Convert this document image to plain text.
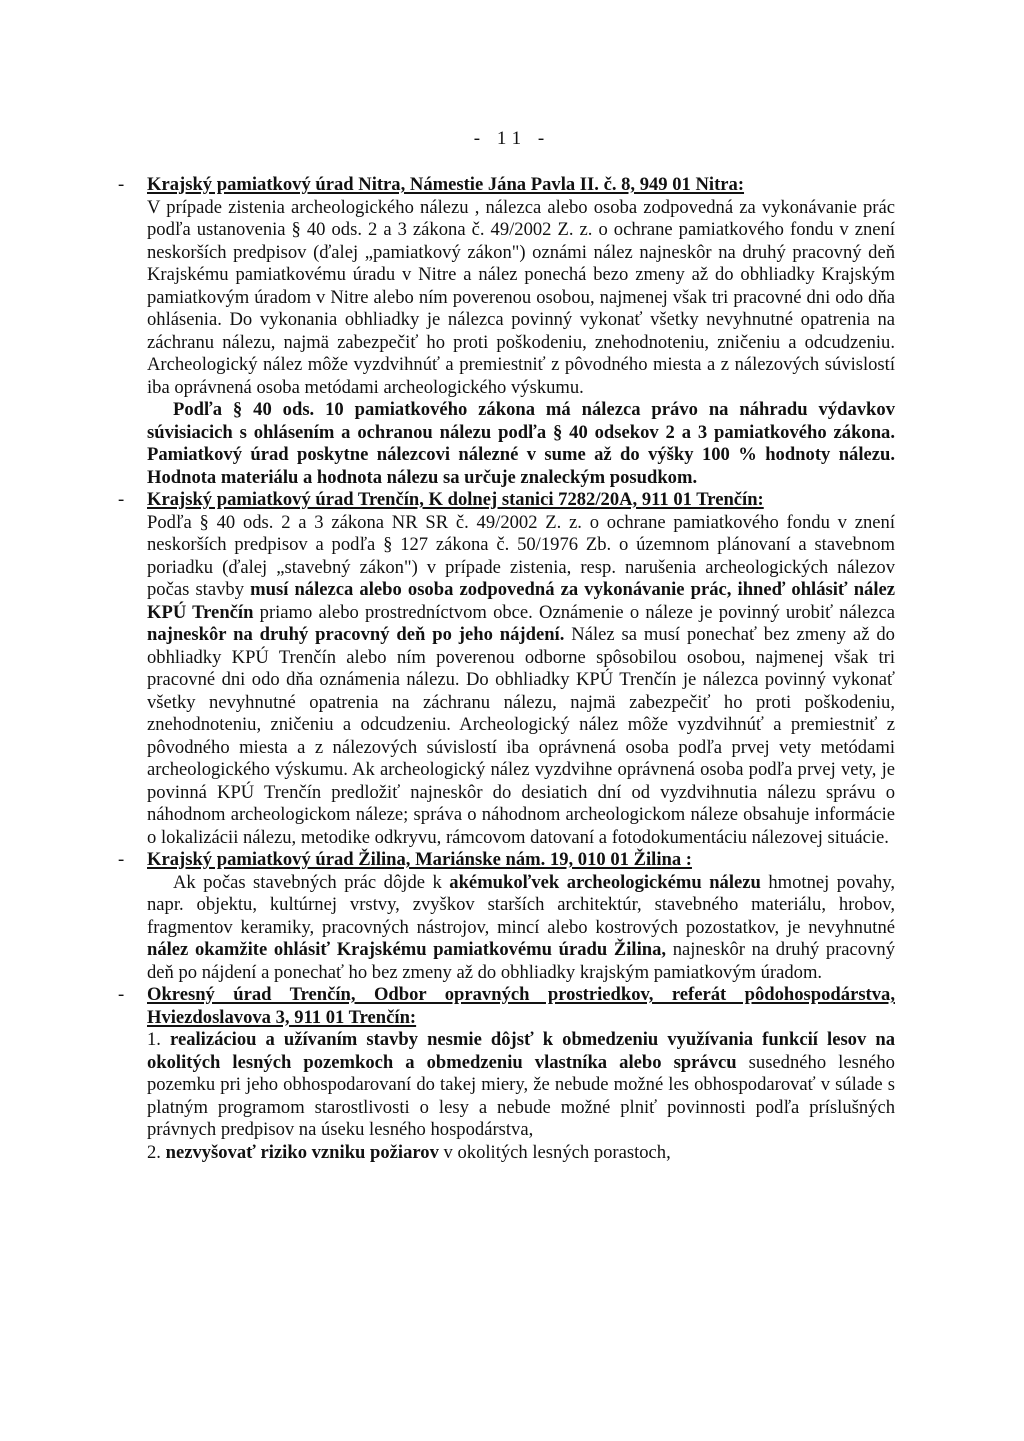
- 11 -
- Krajský pamiatkový úrad Nitra, Námestie Jána Pavla II. č. 8, 949 01 Nitra:

V prípade zistenia archeologického nálezu , nálezca alebo osoba zodpovedná za vykonávanie prác podľa ustanovenia § 40 ods. 2 a 3 zákona č. 49/2002 Z. z. o ochrane pamiatkového fondu v znení neskorších predpisov (ďalej „pamiatkový zákon") oznámi nález najneskôr na druhý pracovný deň Krajskému pamiatkovému úradu v Nitre a nález ponechá bezo zmeny až do obhliadky Krajským pamiatkovým úradom v Nitre alebo ním poverenou osobou, najmenej však tri pracovné dni odo dňa ohlásenia. Do vykonania obhliadky je nálezca povinný vykonať všetky nevyhnutné opatrenia na záchranu nálezu, najmä zabezpečiť ho proti poškodeniu, znehodnoteniu, zničeniu a odcudzeniu. Archeologický nález môže vyzdvihnúť a premiestniť z pôvodného miesta a z nálezových súvislostí iba oprávnená osoba metódami archeologického výskumu.

Podľa § 40 ods. 10 pamiatkového zákona má nálezca právo na náhradu výdavkov súvisiacich s ohlásením a ochranou nálezu podľa § 40 odsekov 2 a 3 pamiatkového zákona. Pamiatkový úrad poskytne nálezcovi nálezné v sume až do výšky 100 % hodnoty nálezu. Hodnota materiálu a hodnota nálezu sa určuje znaleckým posudkom.

- Krajský pamiatkový úrad Trenčín, K dolnej stanici 7282/20A, 911 01 Trenčín:

Podľa § 40 ods. 2 a 3 zákona NR SR č. 49/2002 Z. z. o ochrane pamiatkového fondu v znení neskorších predpisov a podľa § 127 zákona č. 50/1976 Zb. o územnom plánovaní a stavebnom poriadku (ďalej „stavebný zákon") v prípade zistenia, resp. narušenia archeologických nálezov počas stavby musí nálezca alebo osoba zodpovedná za vykonávanie prác, ihneď ohlásiť nález KPÚ Trenčín priamo alebo prostredníctvom obce. Oznámenie o náleze je povinný urobiť nálezca najneskôr na druhý pracovný deň po jeho nájdení. Nález sa musí ponechať bez zmeny až do obhliadky KPÚ Trenčín alebo ním poverenou odborne spôsobilou osobou, najmenej však tri pracovné dni odo dňa oznámenia nálezu. Do obhliadky KPÚ Trenčín je nálezca povinný vykonať všetky nevyhnutné opatrenia na záchranu nálezu, najmä zabezpečiť ho proti poškodeniu, znehodnoteniu, zničeniu a odcudzeniu. Archeologický nález môže vyzdvihnúť a premiestniť z pôvodného miesta a z nálezových súvislostí iba oprávnená osoba podľa prvej vety metódami archeologického výskumu. Ak archeologický nález vyzdvihne oprávnená osoba podľa prvej vety, je povinná KPÚ Trenčín predložiť najneskôr do desiatich dní od vyzdvihnutia nálezu správu o náhodnom archeologickom náleze; správa o náhodnom archeologickom náleze obsahuje informácie o lokalizácii nálezu, metodike odkryvu, rámcovom datovaní a fotodokumentáciu nálezovej situácie.

- Krajský pamiatkový úrad Žilina, Mariánske nám. 19, 010 01 Žilina :

Ak počas stavebných prác dôjde k akémukoľvek archeologickému nálezu hmotnej povahy, napr. objektu, kultúrnej vrstvy, zvyškov starších architektúr, stavebného materiálu, hrobov, fragmentov keramiky, pracovných nástrojov, mincí alebo kostrových pozostatkov, je nevyhnutné nález okamžite ohlásiť Krajskému pamiatkovému úradu Žilina, najneskôr na druhý pracovný deň po nájdení a ponechať ho bez zmeny až do obhliadky krajským pamiatkovým úradom.

- Okresný úrad Trenčín, Odbor opravných prostriedkov, referát pôdohospodárstva, Hviezdoslavova 3, 911 01 Trenčín:

1. realizáciou a užívaním stavby nesmie dôjsť k obmedzeniu využívania funkcií lesov na okolitých lesných pozemkoch a obmedzeniu vlastníka alebo správcu susedného lesného pozemku pri jeho obhospodarovaní do takej miery, že nebude možné les obhospodarovať v súlade s platným programom starostlivosti o lesy a nebude možné plniť povinnosti podľa príslušných právnych predpisov na úseku lesného hospodárstva,

2. nezvyšovať riziko vzniku požiarov v okolitých lesných porastoch,
